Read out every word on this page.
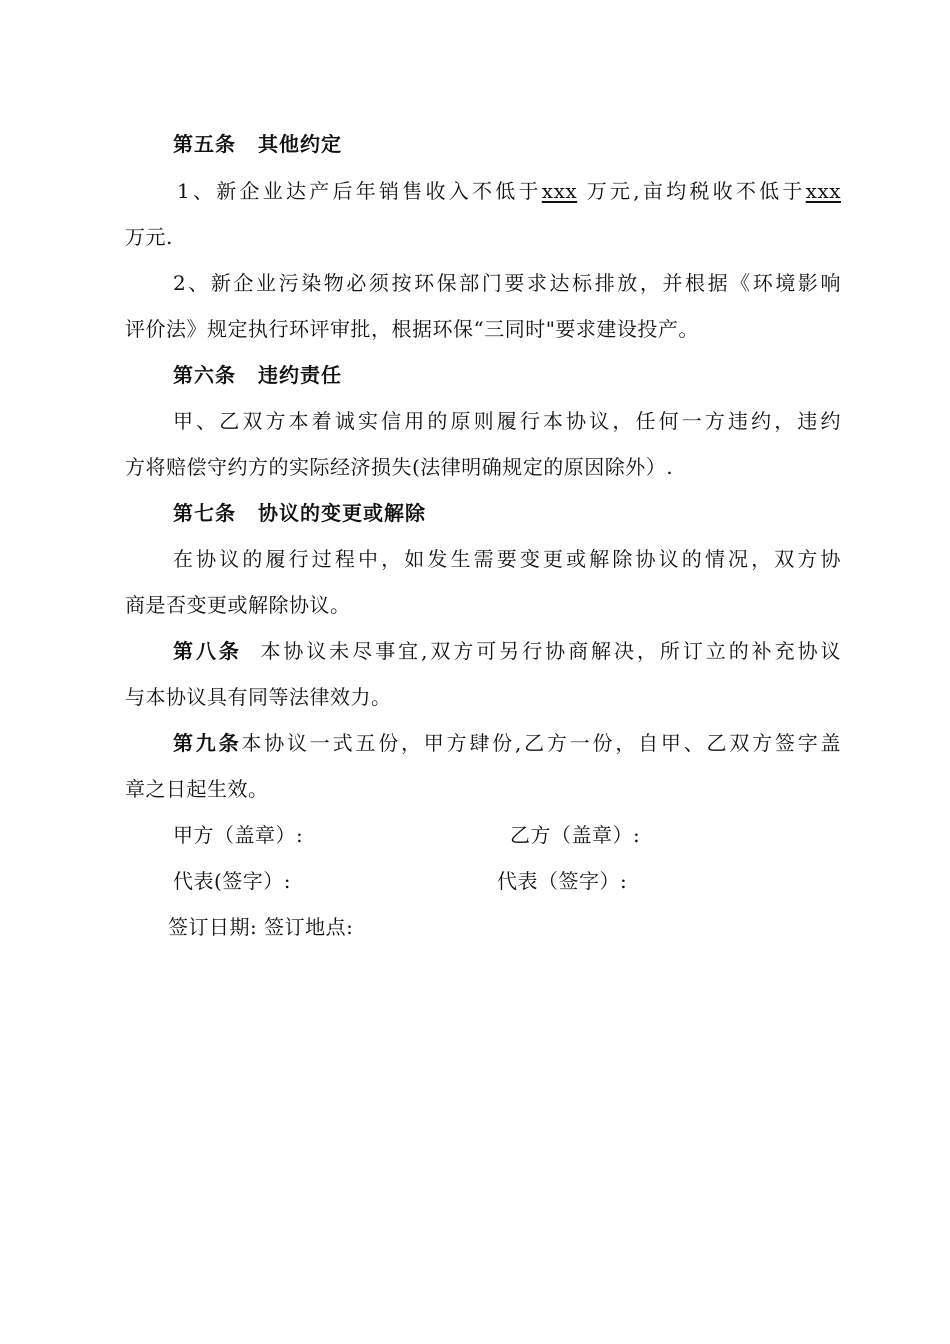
第五条 其他约定
1、新企业达产后年销售收入不低于xxx 万元,亩均税收不低于xxx
万元.
2、新企业污染物必须按环保部门要求达标排放，并根据《环境影响
评价法》规定执行环评审批，根据环保“三同时"要求建设投产。
第六条 违约责任
甲、乙双方本着诚实信用的原则履行本协议，任何一方违约，违约
方将赔偿守约方的实际经济损失(法律明确规定的原因除外）.
第七条 协议的变更或解除
在协议的履行过程中，如发生需要变更或解除协议的情况，双方协
商是否变更或解除协议。
第八条 本协议未尽事宜,双方可另行协商解决，所订立的补充协议
与本协议具有同等法律效力。
第九条本协议一式五份，甲方肆份,乙方一份，自甲、乙双方签字盖
章之日起生效。
甲方（盖章）:	乙方（盖章）:
代表(签字）:	代表（签字）:
签订日期: 签订地点:
